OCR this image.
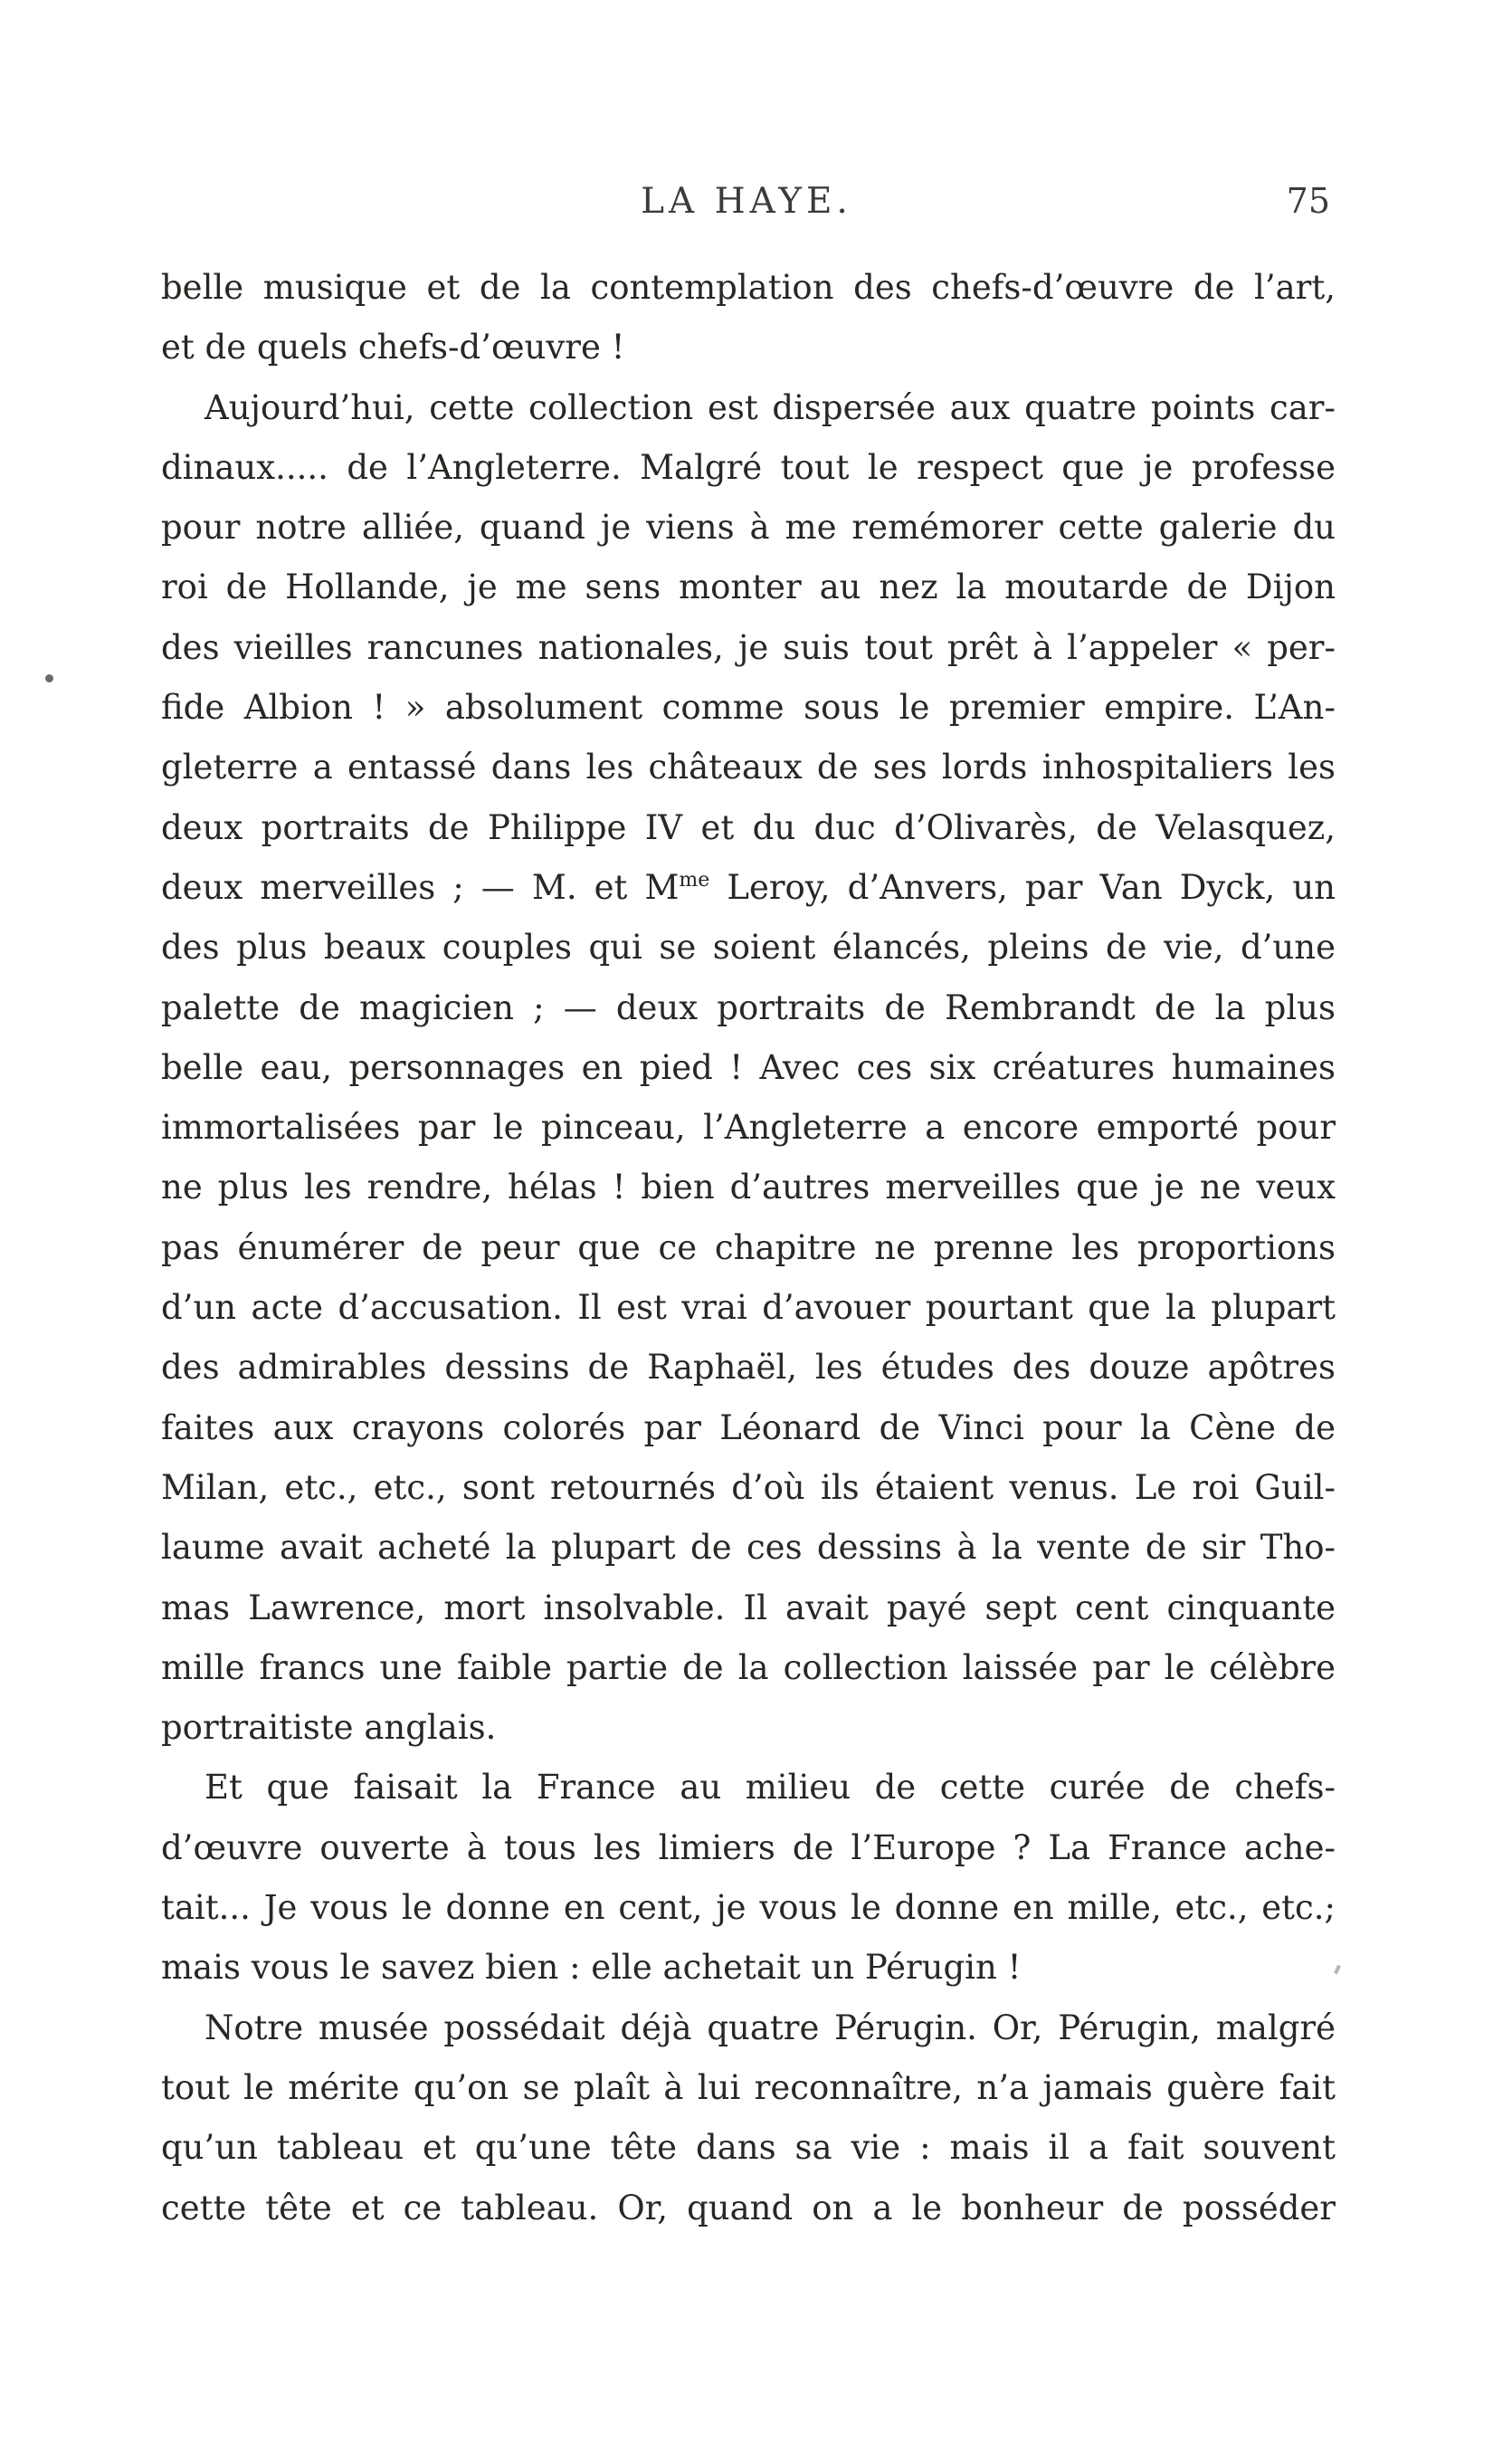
LA HAYE.	75
belle musique et de la contemplation des chefs-d’œuvre de l’art,
et de quels chefs-d’œuvre !
Aujourd’hui, cette collection est dispersée aux quatre points car-
dinaux..... de l’Angleterre. Malgré tout le respect que je professe
pour notre alliée, quand je viens à me remémorer cette galerie du
roi de Hollande, je me sens monter au nez la moutarde de Dijon
des vieilles rancunes nationales, je suis tout prêt à l’appeler « per-
fide Albion ! » absolument comme sous le premier empire. L’An-
gleterre a entassé dans les châteaux de ses lords inhospitaliers les
deux portraits de Philippe IV et du duc d’Olivarès, de Velasquez,
deux merveilles ; — M. et $M^{me}$ Leroy, d’Anvers, par Van Dyck, un
des plus beaux couples qui se soient élancés, pleins de vie, d’une
palette de magicien ; — deux portraits de Rembrandt de la plus
belle eau, personnages en pied ! Avec ces six créatures humaines
immortalisées par le pinceau, l’Angleterre a encore emporté pour
ne plus les rendre, hélas ! bien d’autres merveilles que je ne veux
pas énumérer de peur que ce chapitre ne prenne les proportions
d’un acte d’accusation. Il est vrai d’avouer pourtant que la plupart
des admirables dessins de Raphaël, les études des douze apôtres
faites aux crayons colorés par Léonard de Vinci pour la Cène de
Milan, etc., etc., sont retournés d’où ils étaient venus. Le roi Guil-
laume avait acheté la plupart de ces dessins à la vente de sir Tho-
mas Lawrence, mort insolvable. Il avait payé sept cent cinquante
mille francs une faible partie de la collection laissée par le célèbre
portraitiste anglais.
Et que faisait la France au milieu de cette curée de chefs-
d’œuvre ouverte à tous les limiers de l’Europe ? La France ache-
tait... Je vous le donne en cent, je vous le donne en mille, etc., etc.;
mais vous le savez bien : elle achetait un Pérugin !
Notre musée possédait déjà quatre Pérugin. Or, Pérugin, malgré
tout le mérite qu’on se plaît à lui reconnaître, n’a jamais guère fait
qu’un tableau et qu’une tête dans sa vie : mais il a fait souvent
cette tête et ce tableau. Or, quand on a le bonheur de posséder
